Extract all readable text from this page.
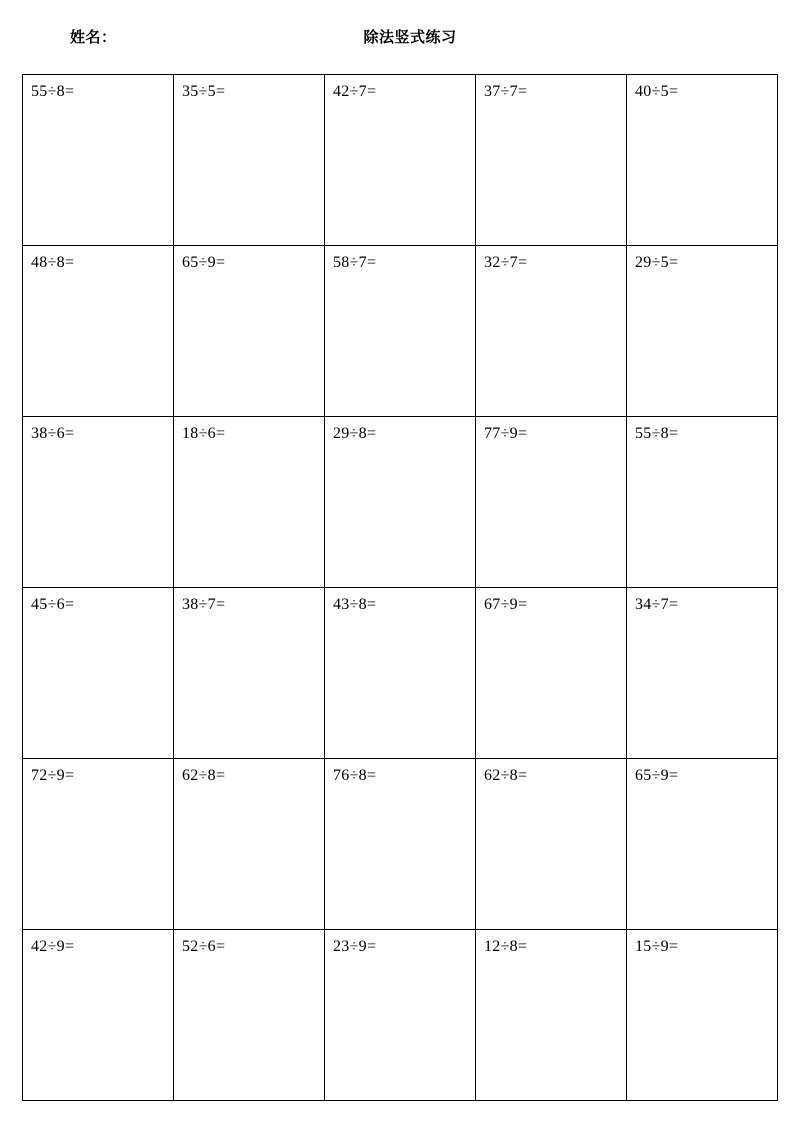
姓名：	除法竖式练习
55÷8=	35÷5=	42÷7=	37÷7=	40÷5=
48÷8=	65÷9=	58÷7=	32÷7=	29÷5=
38÷6=	18÷6=	29÷8=	77÷9=	55÷8=
45÷6=	38÷7=	43÷8=	67÷9=	34÷7=
72÷9=	62÷8=	76÷8=	62÷8=	65÷9=
42÷9=	52÷6=	23÷9=	12÷8=	15÷9=
